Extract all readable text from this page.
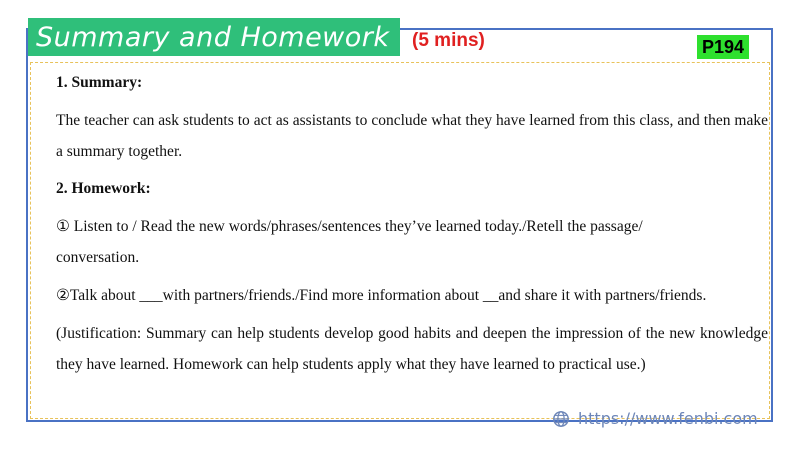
Summary and Homework (5 mins)	P194
1. Summary:
The teacher can ask students to act as assistants to conclude what they have learned from this class, and then make a summary together.
2. Homework:
① Listen to / Read the new words/phrases/sentences they’ve learned today./Retell the passage/ conversation.
②Talk about ___with partners/friends./Find more information about __and share it with partners/friends.
(Justification: Summary can help students develop good habits and deepen the impression of the new knowledge they have learned. Homework can help students apply what they have learned to practical use.)
https://www.fenbi.com
